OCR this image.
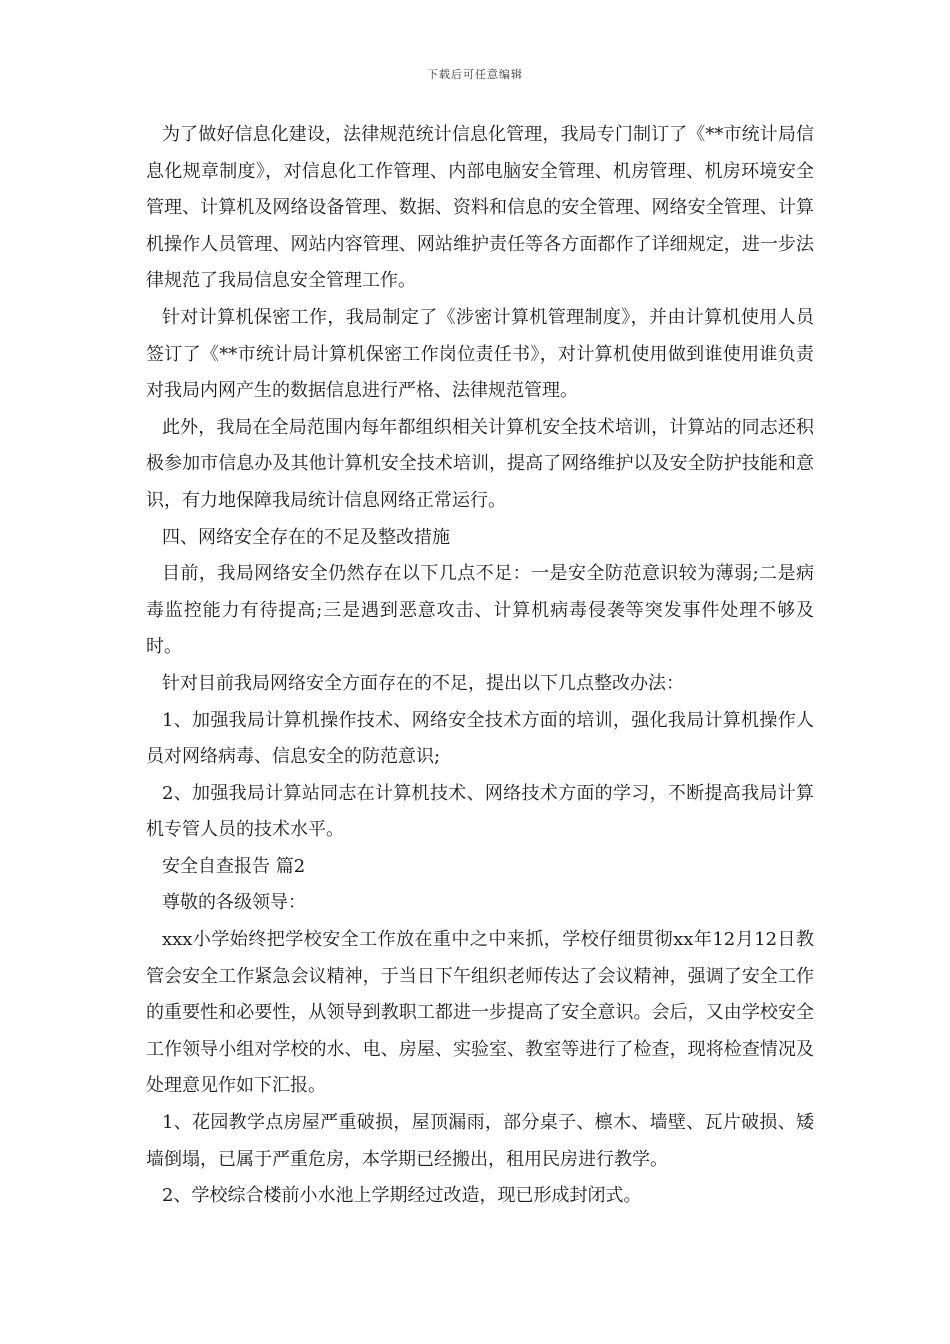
下载后可任意编辑

为了做好信息化建设，法律规范统计信息化管理，我局专门制订了《**市统计局信息化规章制度》，对信息化工作管理、内部电脑安全管理、机房管理、机房环境安全管理、计算机及网络设备管理、数据、资料和信息的安全管理、网络安全管理、计算机操作人员管理、网站内容管理、网站维护责任等各方面都作了详细规定，进一步法律规范了我局信息安全管理工作。

针对计算机保密工作，我局制定了《涉密计算机管理制度》，并由计算机使用人员签订了《**市统计局计算机保密工作岗位责任书》，对计算机使用做到谁使用谁负责对我局内网产生的数据信息进行严格、法律规范管理。

此外，我局在全局范围内每年都组织相关计算机安全技术培训，计算站的同志还积极参加市信息办及其他计算机安全技术培训，提高了网络维护以及安全防护技能和意识，有力地保障我局统计信息网络正常运行。

四、网络安全存在的不足及整改措施

目前，我局网络安全仍然存在以下几点不足：一是安全防范意识较为薄弱;二是病毒监控能力有待提高;三是遇到恶意攻击、计算机病毒侵袭等突发事件处理不够及时。

针对目前我局网络安全方面存在的不足，提出以下几点整改办法：

1、加强我局计算机操作技术、网络安全技术方面的培训，强化我局计算机操作人员对网络病毒、信息安全的防范意识;

2、加强我局计算站同志在计算机技术、网络技术方面的学习，不断提高我局计算机专管人员的技术水平。

安全自查报告 篇2

尊敬的各级领导：

xxx小学始终把学校安全工作放在重中之中来抓，学校仔细贯彻xx年12月12日教管会安全工作紧急会议精神，于当日下午组织老师传达了会议精神，强调了安全工作的重要性和必要性，从领导到教职工都进一步提高了安全意识。会后，又由学校安全工作领导小组对学校的水、电、房屋、实验室、教室等进行了检查，现将检查情况及处理意见作如下汇报。

1、花园教学点房屋严重破损，屋顶漏雨，部分桌子、檩木、墙壁、瓦片破损、矮墙倒塌，已属于严重危房，本学期已经搬出，租用民房进行教学。

2、学校综合楼前小水池上学期经过改造，现已形成封闭式。
